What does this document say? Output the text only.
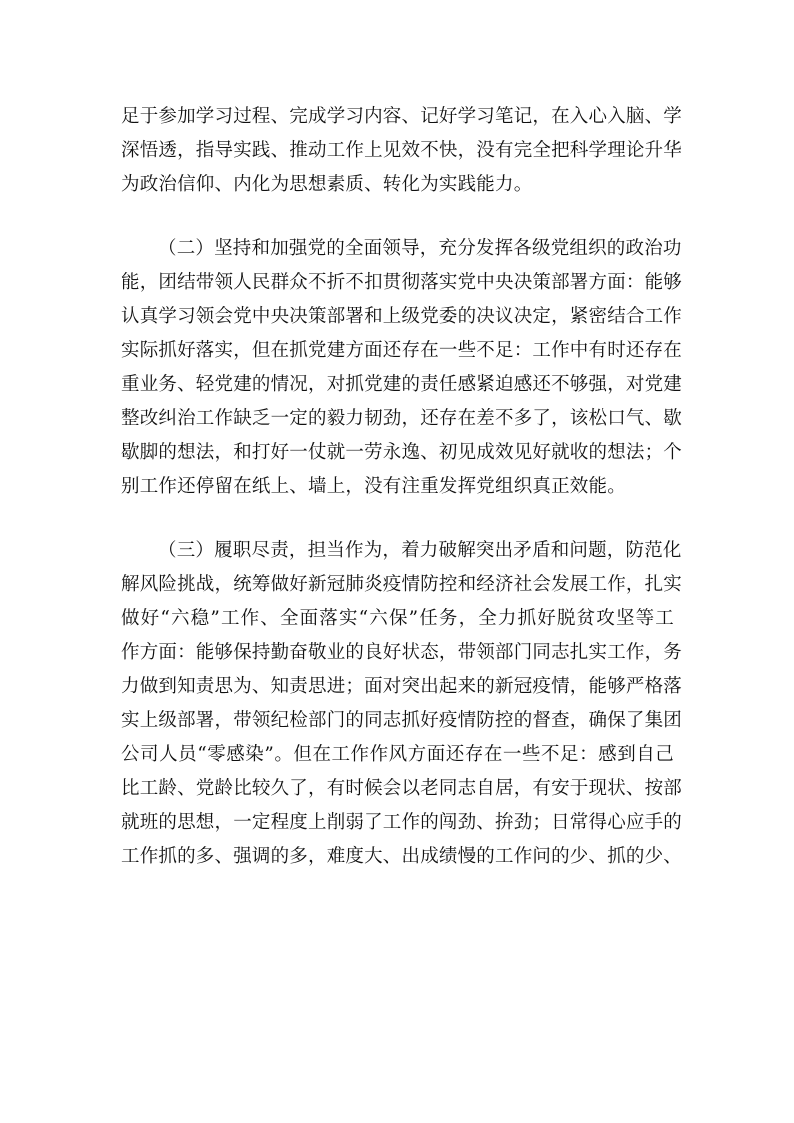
足于参加学习过程、完成学习内容、记好学习笔记，在入心入脑、学
深悟透，指导实践、推动工作上见效不快，没有完全把科学理论升华
为政治信仰、内化为思想素质、转化为实践能力。
（二）坚持和加强党的全面领导，充分发挥各级党组织的政治功
能，团结带领人民群众不折不扣贯彻落实党中央决策部署方面：能够
认真学习领会党中央决策部署和上级党委的决议决定，紧密结合工作
实际抓好落实，但在抓党建方面还存在一些不足：工作中有时还存在
重业务、轻党建的情况，对抓党建的责任感紧迫感还不够强，对党建
整改纠治工作缺乏一定的毅力韧劲，还存在差不多了，该松口气、歇
歇脚的想法，和打好一仗就一劳永逸、初见成效见好就收的想法；个
别工作还停留在纸上、墙上，没有注重发挥党组织真正效能。
（三）履职尽责，担当作为，着力破解突出矛盾和问题，防范化
解风险挑战，统筹做好新冠肺炎疫情防控和经济社会发展工作，扎实
做好“六稳”工作、全面落实“六保”任务，全力抓好脱贫攻坚等工
作方面：能够保持勤奋敬业的良好状态，带领部门同志扎实工作，务
力做到知责思为、知责思进；面对突出起来的新冠疫情，能够严格落
实上级部署，带领纪检部门的同志抓好疫情防控的督查，确保了集团
公司人员“零感染”。但在工作作风方面还存在一些不足：感到自己
比工龄、党龄比较久了，有时候会以老同志自居，有安于现状、按部
就班的思想，一定程度上削弱了工作的闯劲、拚劲；日常得心应手的
工作抓的多、强调的多，难度大、出成绩慢的工作问的少、抓的少、
